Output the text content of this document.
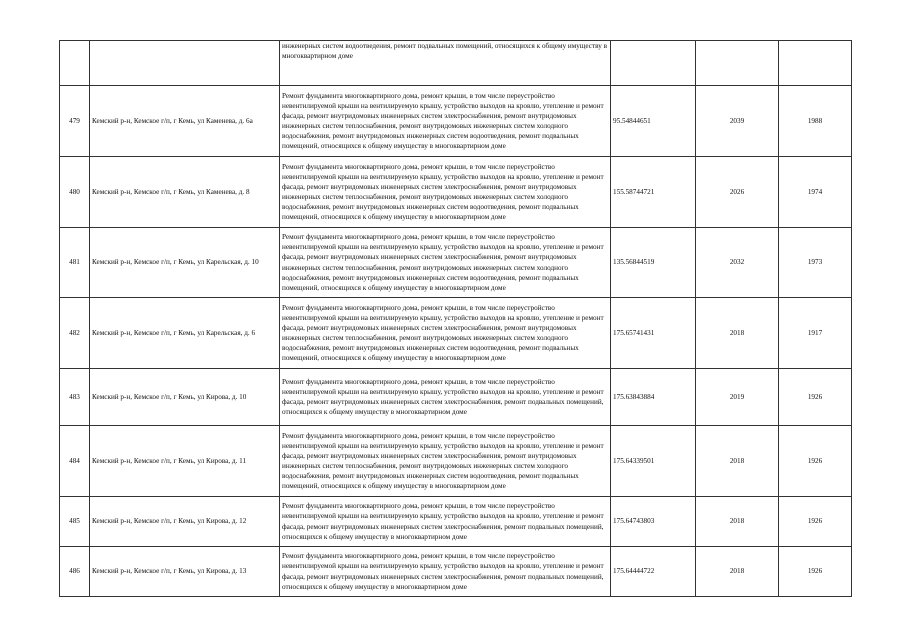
		инженерных систем водоотведения, ремонт подвальных помещений, относящихся к общему имуществу в многоквартирном доме			
479	Кемский р-н, Кемское г/п, г Кемь, ул Каменева, д. 6а	Ремонт фундамента многоквартирного дома, ремонт крыши, в том числе переустройство невентилируемой крыши на вентилируемую крышу, устройство выходов на кровлю, утепление и ремонт фасада, ремонт внутридомовых инженерных систем электроснабжения, ремонт внутридомовых инженерных систем теплоснабжения, ремонт внутридомовых инженерных систем холодного водоснабжения, ремонт внутридомовых инженерных систем водоотведения, ремонт подвальных помещений, относящихся к общему имуществу в многоквартирном доме	95.54844651	2039	1988
480	Кемский р-н, Кемское г/п, г Кемь, ул Каменева, д. 8	Ремонт фундамента многоквартирного дома, ремонт крыши, в том числе переустройство невентилируемой крыши на вентилируемую крышу, устройство выходов на кровлю, утепление и ремонт фасада, ремонт внутридомовых инженерных систем электроснабжения, ремонт внутридомовых инженерных систем теплоснабжения, ремонт внутридомовых инженерных систем холодного водоснабжения, ремонт внутридомовых инженерных систем водоотведения, ремонт подвальных помещений, относящихся к общему имуществу в многоквартирном доме	155.58744721	2026	1974
481	Кемский р-н, Кемское г/п, г Кемь, ул Карельская, д. 10	Ремонт фундамента многоквартирного дома, ремонт крыши, в том числе переустройство невентилируемой крыши на вентилируемую крышу, устройство выходов на кровлю, утепление и ремонт фасада, ремонт внутридомовых инженерных систем электроснабжения, ремонт внутридомовых инженерных систем теплоснабжения, ремонт внутридомовых инженерных систем холодного водоснабжения, ремонт внутридомовых инженерных систем водоотведения, ремонт подвальных помещений, относящихся к общему имуществу в многоквартирном доме	135.56844519	2032	1973
482	Кемский р-н, Кемское г/п, г Кемь, ул Карельская, д. 6	Ремонт фундамента многоквартирного дома, ремонт крыши, в том числе переустройство невентилируемой крыши на вентилируемую крышу, устройство выходов на кровлю, утепление и ремонт фасада, ремонт внутридомовых инженерных систем электроснабжения, ремонт внутридомовых инженерных систем теплоснабжения, ремонт внутридомовых инженерных систем холодного водоснабжения, ремонт внутридомовых инженерных систем водоотведения, ремонт подвальных помещений, относящихся к общему имуществу в многоквартирном доме	175.65741431	2018	1917
483	Кемский р-н, Кемское г/п, г Кемь, ул Кирова, д. 10	Ремонт фундамента многоквартирного дома, ремонт крыши, в том числе переустройство невентилируемой крыши на вентилируемую крышу, устройство выходов на кровлю, утепление и ремонт фасада, ремонт внутридомовых инженерных систем электроснабжения, ремонт подвальных помещений, относящихся к общему имуществу в многоквартирном доме	175.63843884	2019	1926
484	Кемский р-н, Кемское г/п, г Кемь, ул Кирова, д. 11	Ремонт фундамента многоквартирного дома, ремонт крыши, в том числе переустройство невентилируемой крыши на вентилируемую крышу, устройство выходов на кровлю, утепление и ремонт фасада, ремонт внутридомовых инженерных систем электроснабжения, ремонт внутридомовых инженерных систем теплоснабжения, ремонт внутридомовых инженерных систем холодного водоснабжения, ремонт внутридомовых инженерных систем водоотведения, ремонт подвальных помещений, относящихся к общему имуществу в многоквартирном доме	175.64339501	2018	1926
485	Кемский р-н, Кемское г/п, г Кемь, ул Кирова, д. 12	Ремонт фундамента многоквартирного дома, ремонт крыши, в том числе переустройство невентилируемой крыши на вентилируемую крышу, устройство выходов на кровлю, утепление и ремонт фасада, ремонт внутридомовых инженерных систем электроснабжения, ремонт подвальных помещений, относящихся к общему имуществу в многоквартирном доме	175.64743803	2018	1926
486	Кемский р-н, Кемское г/п, г Кемь, ул Кирова, д. 13	Ремонт фундамента многоквартирного дома, ремонт крыши, в том числе переустройство невентилируемой крыши на вентилируемую крышу, устройство выходов на кровлю, утепление и ремонт фасада, ремонт внутридомовых инженерных систем электроснабжения, ремонт подвальных помещений, относящихся к общему имуществу в многоквартирном доме	175.64444722	2018	1926
